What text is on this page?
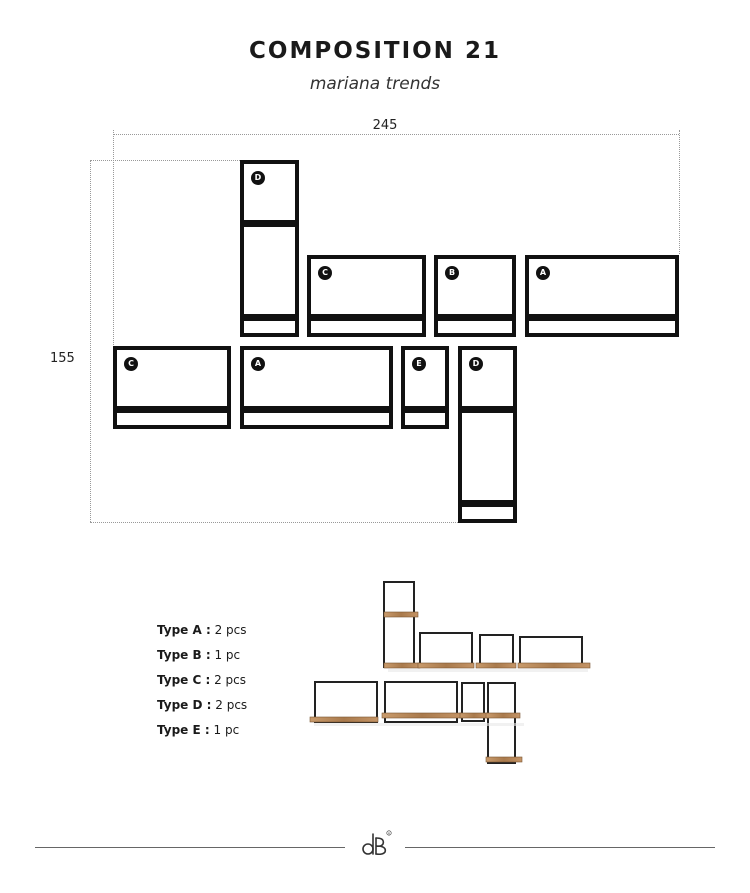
COMPOSITION 21
mariana trends
245
155
D
C	B	A
C	A	E	D
Type A : 2 pcs
Type B : 1 pc
Type C : 2 pcs
Type D : 2 pcs
Type E : 1 pc
R
